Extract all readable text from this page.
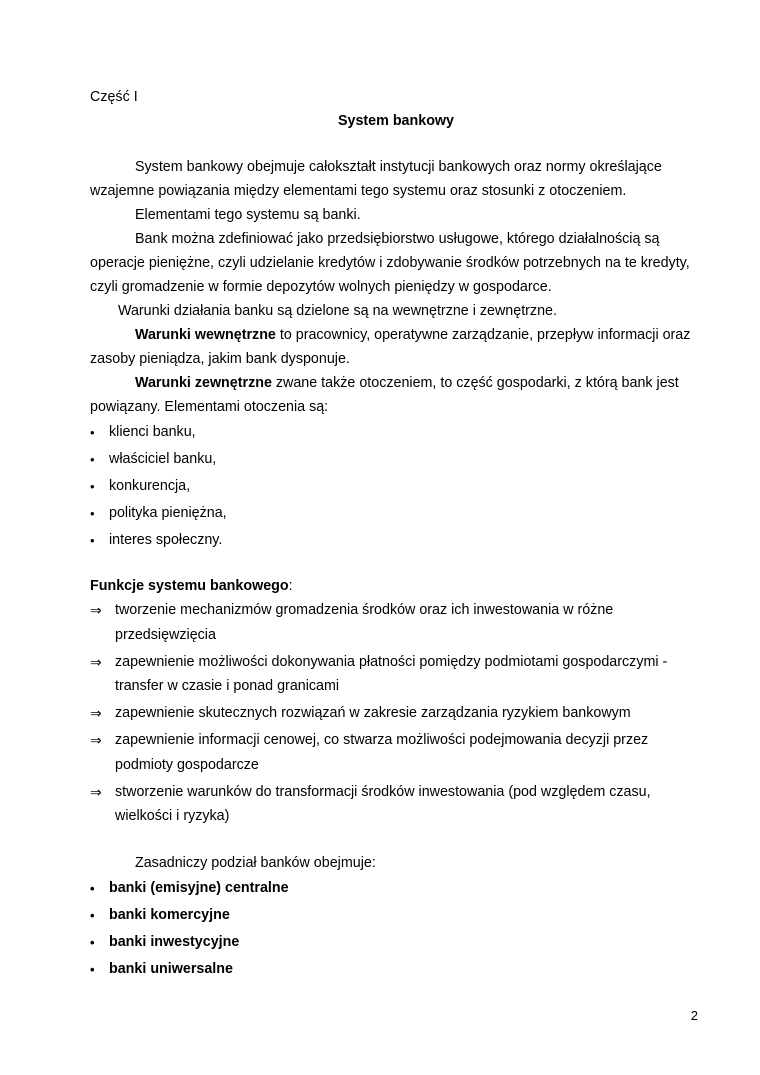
Część I

System bankowy

System bankowy obejmuje całokształt instytucji bankowych oraz normy określające wzajemne powiązania między elementami tego systemu oraz stosunki z otoczeniem.

Elementami tego systemu są banki.

Bank można zdefiniować jako przedsiębiorstwo usługowe, którego działalnością są operacje pieniężne, czyli udzielanie kredytów i zdobywanie środków potrzebnych na te kredyty, czyli gromadzenie w formie depozytów wolnych pieniędzy w gospodarce.

Warunki działania banku są dzielone są na wewnętrzne i zewnętrzne.

Warunki wewnętrzne to pracownicy, operatywne zarządzanie, przepływ informacji oraz zasoby pieniądza, jakim bank dysponuje.

Warunki zewnętrzne zwane także otoczeniem, to część gospodarki, z którą bank jest powiązany. Elementami otoczenia są:

• klienci banku,
• właściciel banku,
• konkurencja,
• polityka pieniężna,
• interes społeczny.

Funkcje systemu bankowego:

⇒ tworzenie mechanizmów gromadzenia środków oraz ich inwestowania w różne przedsięwzięcia
⇒ zapewnienie możliwości dokonywania płatności pomiędzy podmiotami gospodarczymi - transfer w czasie i ponad granicami
⇒ zapewnienie skutecznych rozwiązań w zakresie zarządzania ryzykiem bankowym
⇒ zapewnienie informacji cenowej, co stwarza możliwości podejmowania decyzji przez podmioty gospodarcze
⇒ stworzenie warunków do transformacji środków inwestowania (pod względem czasu, wielkości i ryzyka)

Zasadniczy podział banków obejmuje:

• banki (emisyjne) centralne
• banki komercyjne
• banki inwestycyjne
• banki uniwersalne
2
